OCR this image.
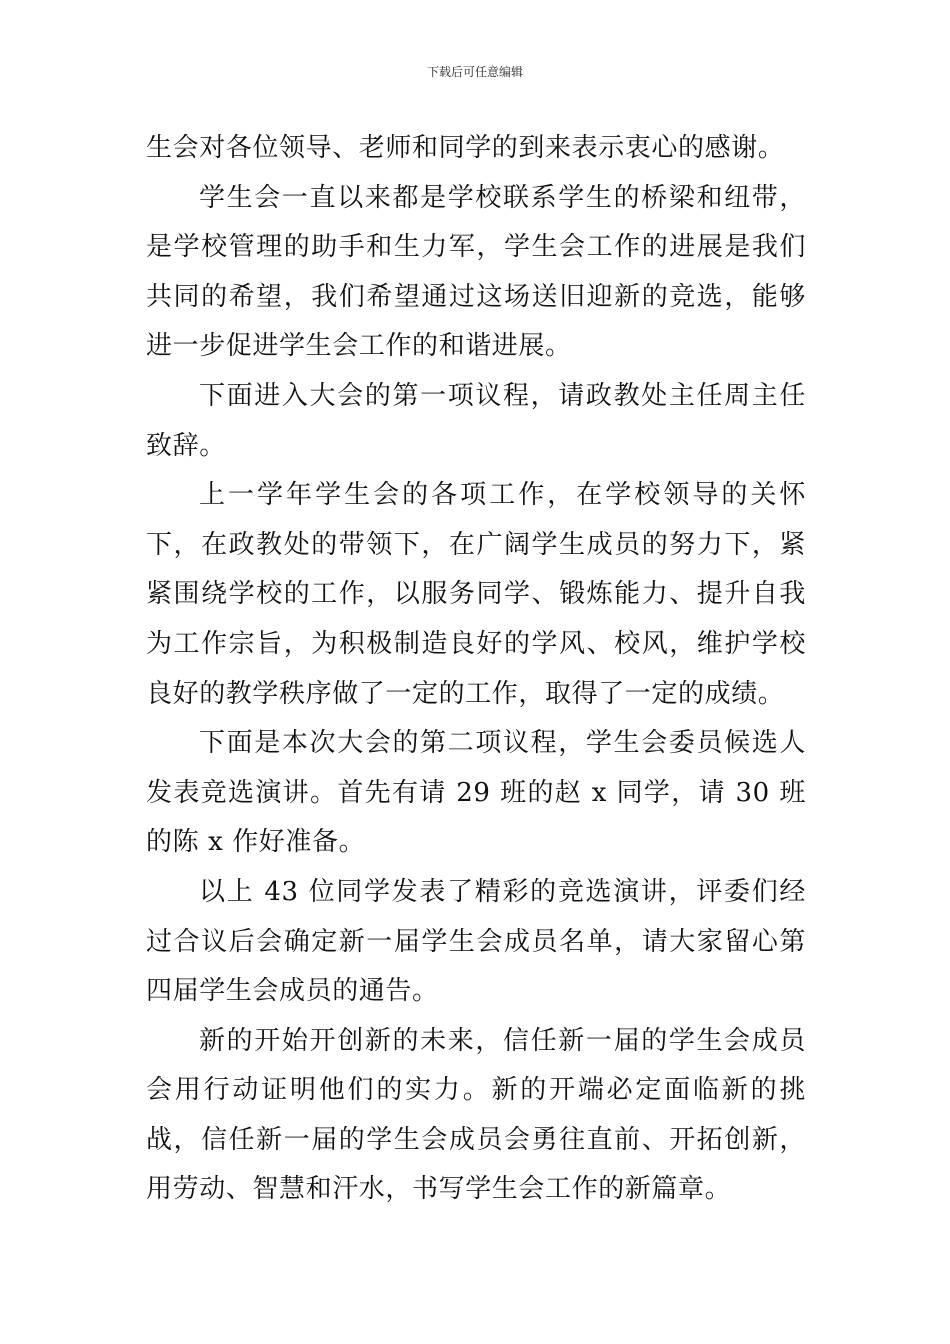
下载后可任意编辑

生会对各位领导、老师和同学的到来表示衷心的感谢。

学生会一直以来都是学校联系学生的桥梁和纽带，是学校管理的助手和生力军，学生会工作的进展是我们共同的希望，我们希望通过这场送旧迎新的竞选，能够进一步促进学生会工作的和谐进展。

下面进入大会的第一项议程，请政教处主任周主任致辞。

上一学年学生会的各项工作，在学校领导的关怀下，在政教处的带领下，在广阔学生成员的努力下，紧紧围绕学校的工作，以服务同学、锻炼能力、提升自我为工作宗旨，为积极制造良好的学风、校风，维护学校良好的教学秩序做了一定的工作，取得了一定的成绩。

下面是本次大会的第二项议程，学生会委员候选人发表竞选演讲。首先有请 29 班的赵 x 同学，请 30 班的陈 x 作好准备。

以上 43 位同学发表了精彩的竞选演讲，评委们经过合议后会确定新一届学生会成员名单，请大家留心第四届学生会成员的通告。

新的开始开创新的未来，信任新一届的学生会成员会用行动证明他们的实力。新的开端必定面临新的挑战，信任新一届的学生会成员会勇往直前、开拓创新，用劳动、智慧和汗水，书写学生会工作的新篇章。
